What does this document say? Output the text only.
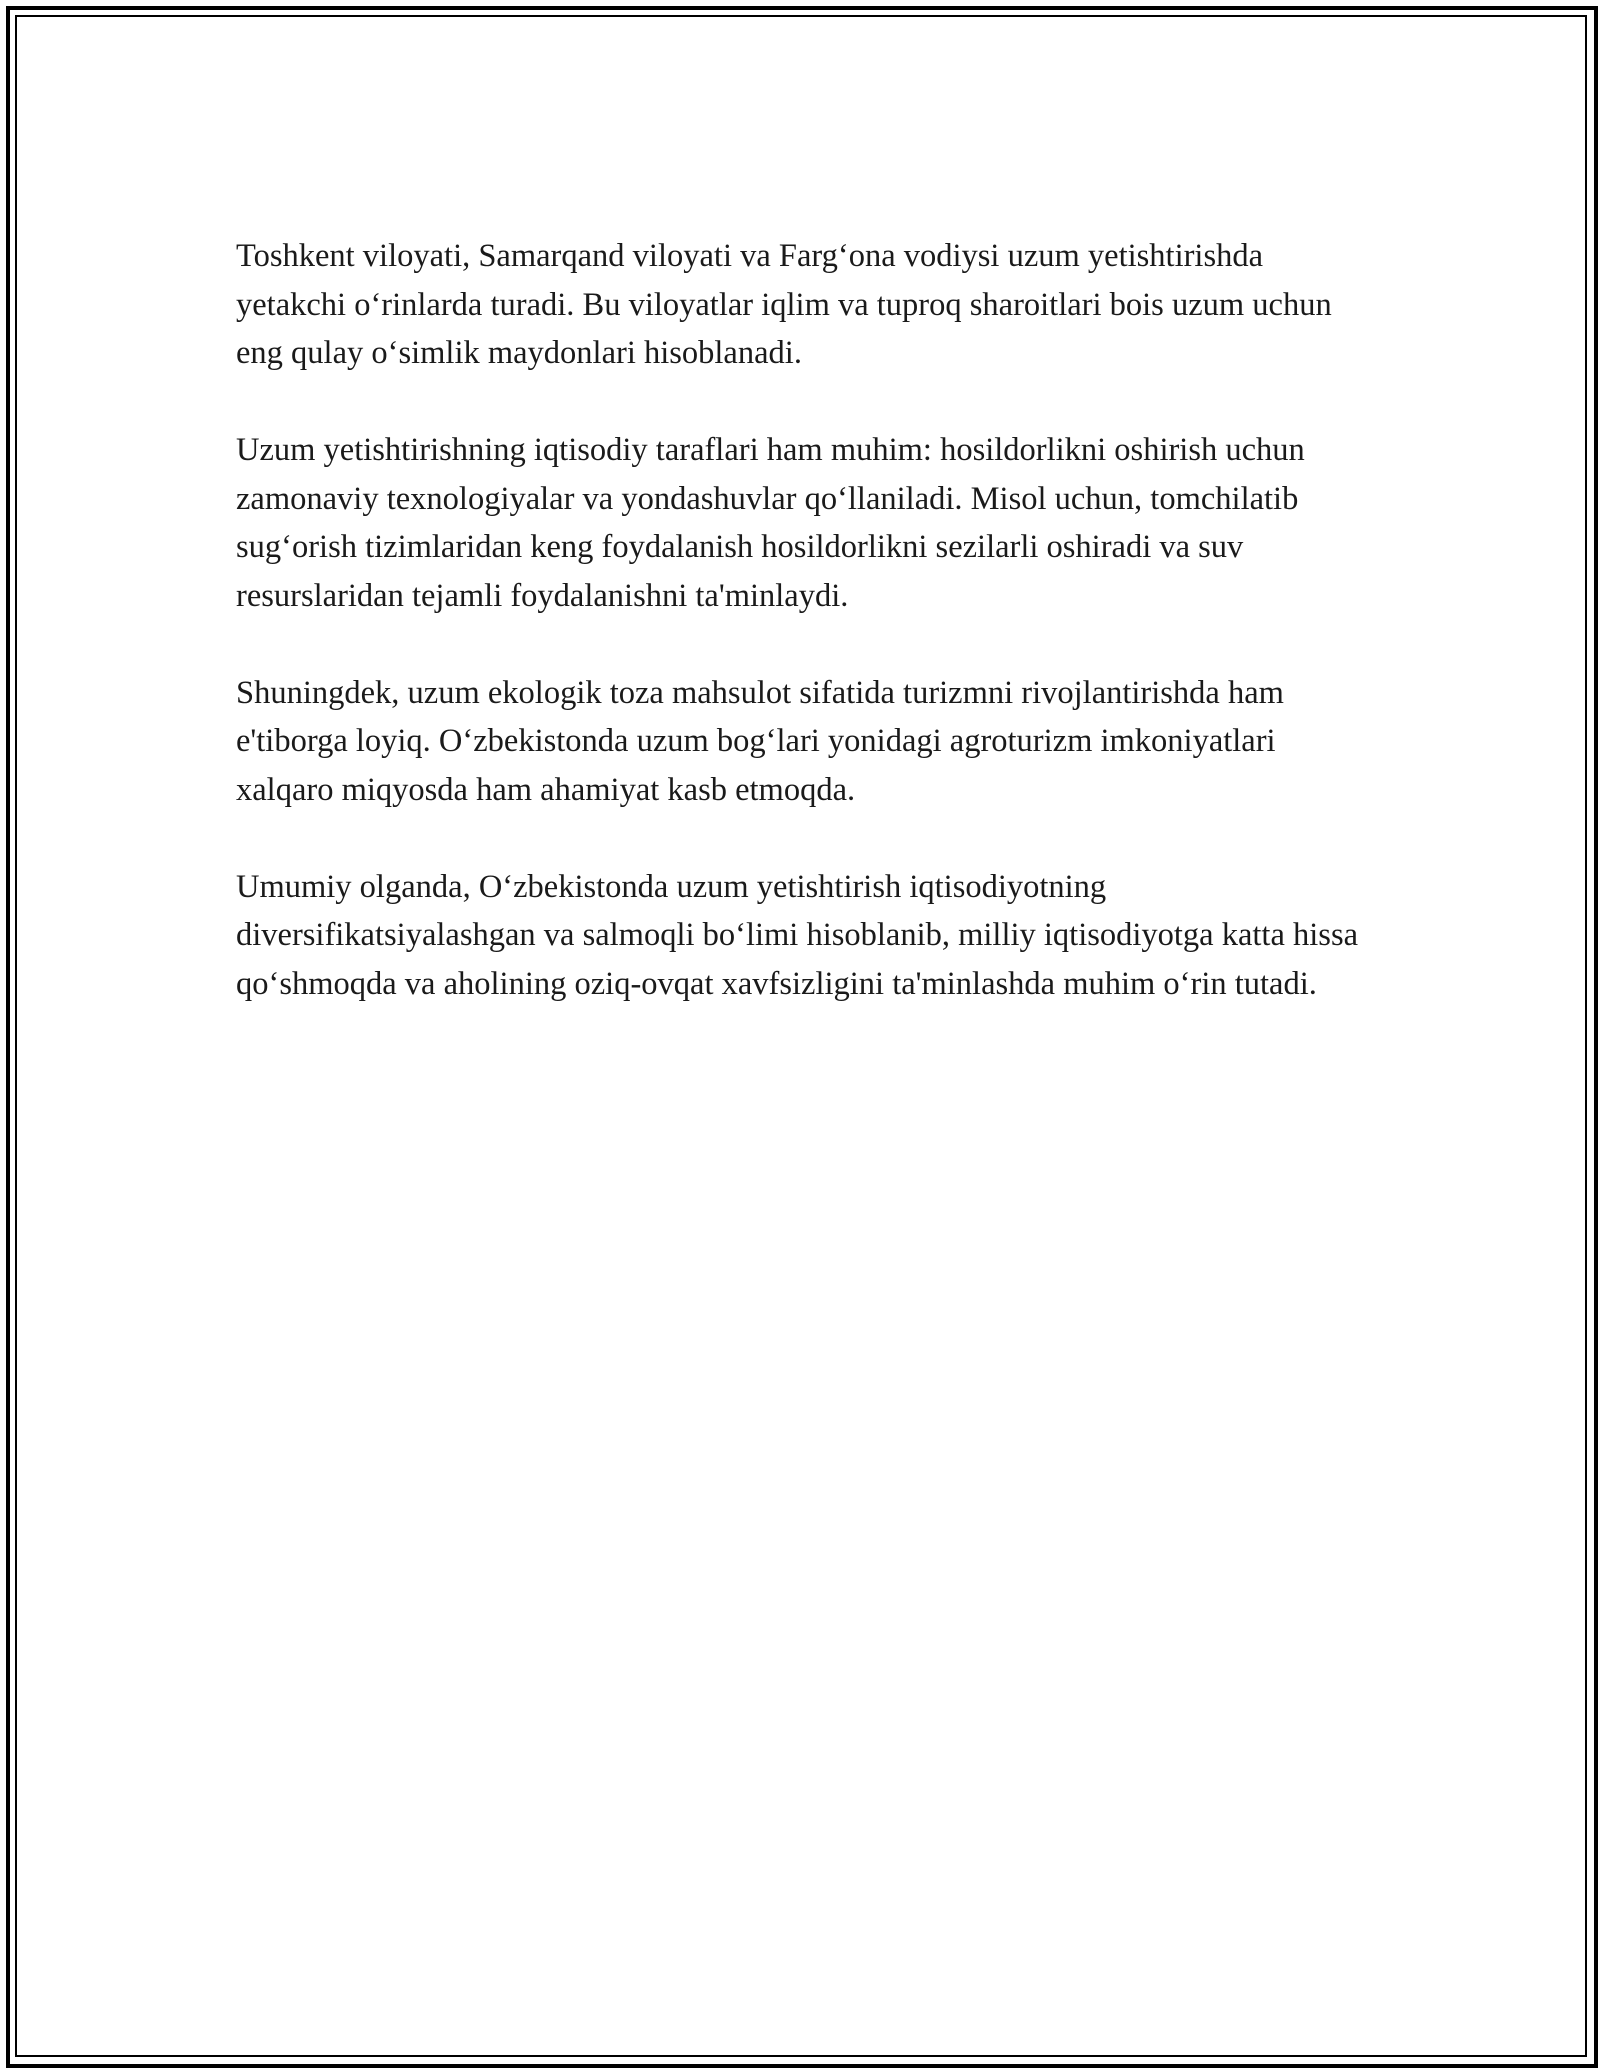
Toshkent viloyati, Samarqand viloyati va Farg‘ona vodiysi uzum yetishtirishda yetakchi o‘rinlarda turadi. Bu viloyatlar iqlim va tuproq sharoitlari bois uzum uchun eng qulay o‘simlik maydonlari hisoblanadi.

Uzum yetishtirishning iqtisodiy taraflari ham muhim: hosildorlikni oshirish uchun zamonaviy texnologiyalar va yondashuvlar qo‘llaniladi. Misol uchun, tomchilatib sug‘orish tizimlaridan keng foydalanish hosildorlikni sezilarli oshiradi va suv resurslaridan tejamli foydalanishni ta'minlaydi.

Shuningdek, uzum ekologik toza mahsulot sifatida turizmni rivojlantirishda ham e'tiborga loyiq. O‘zbekistonda uzum bog‘lari yonidagi agroturizm imkoniyatlari xalqaro miqyosda ham ahamiyat kasb etmoqda.

Umumiy olganda, O‘zbekistonda uzum yetishtirish iqtisodiyotning diversifikatsiyalashgan va salmoqli bo‘limi hisoblanib, milliy iqtisodiyotga katta hissa qo‘shmoqda va aholining oziq-ovqat xavfsizligini ta'minlashda muhim o‘rin tutadi.
